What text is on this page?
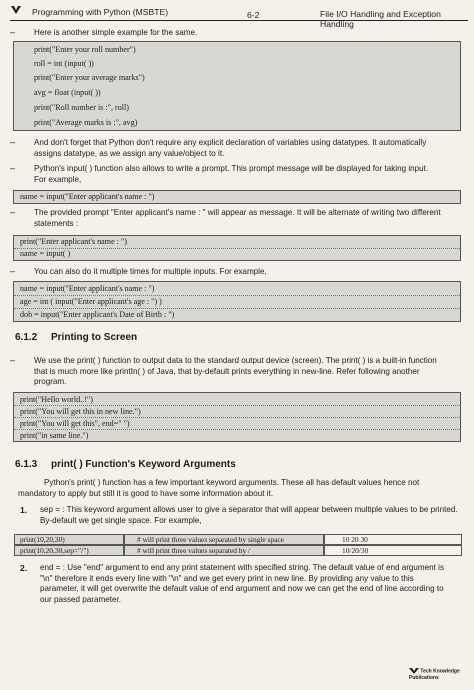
Programming with Python (MSBTE)	6-2	File I/O Handling and Exception Handling
– Here is another simple example for the same.
print("Enter your roll number")
roll = int (input( ))
print("Enter your average marks")
avg = float (input( ))
print("Roll number is :", roll)
print("Average marks is :", avg)
– And don't forget that Python don't require any explicit declaration of variables using datatypes. It automatically
assigns datatype, as we assign any value/object to it.
– Python's input( ) function also allows to write a prompt. This prompt message will be displayed for taking input.
For example,
name = input("Enter applicant's name : ")
– The provided prompt "Enter applicant's name : " will appear as message. It will be alternate of writing two different
statements :
print("Enter applicant's name : ")
name = input( )
– You can also do it multiple times for multiple inputs. For example,
name = input("Enter applicant's name : ")
age = int ( input("Enter applicant's age : ") )
dob = input("Enter applicant's Date of Birth : ")
6.1.2 Printing to Screen
– We use the print( ) function to output data to the standard output device (screen). The print( ) is a built-in function
that is much more like printIn( ) of Java, that by-default prints everything in new-line. Refer following another
program.
print("Hello world..!")
print("You will get this in new line.")
print("You will get this", end=" ")
print("in same line.")
6.1.3 print( ) Function's Keyword Arguments
Python's print( ) function has a few important keyword arguments. These all has default values hence not
mandatory to apply but still it is good to have some information about it.
1. sep = : This keyword argument allows user to give a separator that will appear between multiple values to be printed.
By-default we get single space. For example,
print(10,20,30)	# will print three values separated by single space	10 20 30
print(10,20,30,sep="/")	# will print three values separated by /	10/20/30
2. end = : Use "end" argument to end any print statement with specified string. The default value of end argument is
"\n" therefore it ends every line with "\n" and we get every print in new line. By providing any value to this
parameter, it will get overwrite the default value of end argument and now we can get the end of line according to
our passed parameter.
Tech Knowledge Publications
